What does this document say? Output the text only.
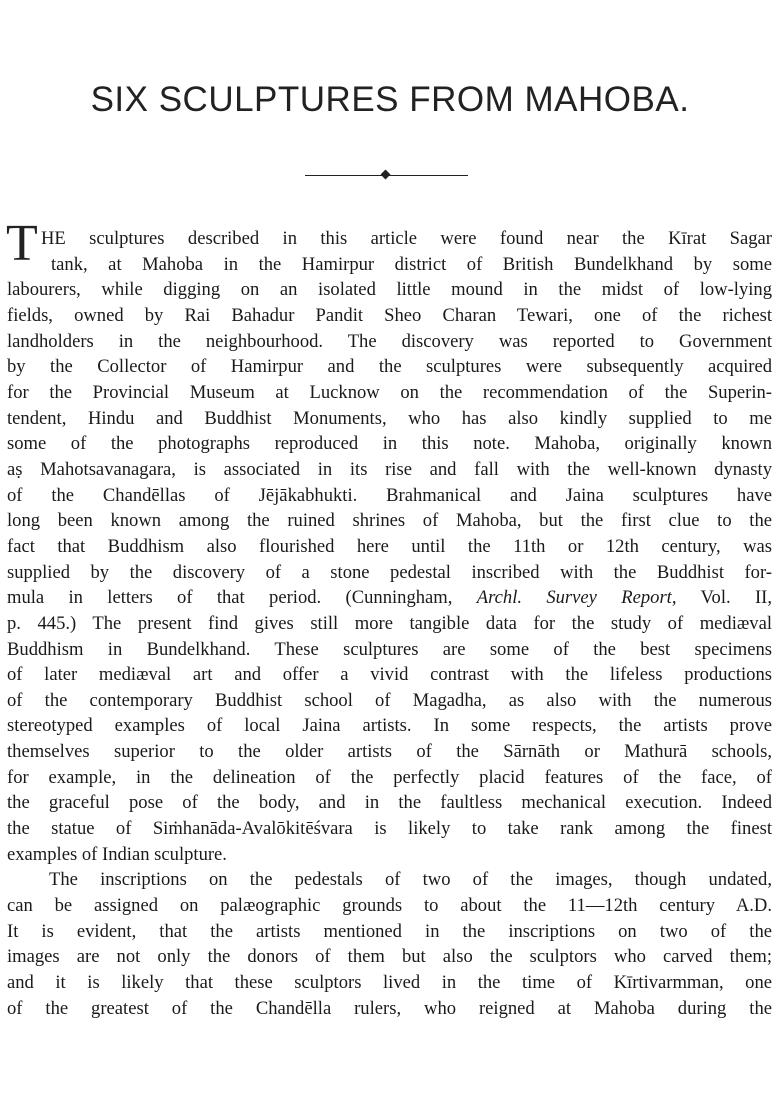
SIX SCULPTURES FROM MAHOBA.
T HE sculptures described in this article were found near the Kīrat Sagar
tank, at Mahoba in the Hamirpur district of British Bundelkhand by some
labourers, while digging on an isolated little mound in the midst of low-lying
fields, owned by Rai Bahadur Pandit Sheo Charan Tewari, one of the richest
landholders in the neighbourhood. The discovery was reported to Government
by the Collector of Hamirpur and the sculptures were subsequently acquired
for the Provincial Museum at Lucknow on the recommendation of the Superin-
tendent, Hindu and Buddhist Monuments, who has also kindly supplied to me
some of the photographs reproduced in this note. Mahoba, originally known
aṣ Mahotsavanagara, is associated in its rise and fall with the well-known dynasty
of the Chandēllas of Jējākabhukti. Brahmanical and Jaina sculptures have
long been known among the ruined shrines of Mahoba, but the first clue to the
fact that Buddhism also flourished here until the 11th or 12th century, was
supplied by the discovery of a stone pedestal inscribed with the Buddhist for-
mula in letters of that period. (Cunningham, Archl. Survey Report, Vol. II,
p. 445.) The present find gives still more tangible data for the study of mediæval
Buddhism in Bundelkhand. These sculptures are some of the best specimens
of later mediæval art and offer a vivid contrast with the lifeless productions
of the contemporary Buddhist school of Magadha, as also with the numerous
stereotyped examples of local Jaina artists. In some respects, the artists prove
themselves superior to the older artists of the Sārnāth or Mathurā schools,
for example, in the delineation of the perfectly placid features of the face, of
the graceful pose of the body, and in the faultless mechanical execution. Indeed
the statue of Siṁhanāda-Avalōkitēśvara is likely to take rank among the finest
examples of Indian sculpture.
The inscriptions on the pedestals of two of the images, though undated,
can be assigned on palæographic grounds to about the 11—12th century A.D.
It is evident, that the artists mentioned in the inscriptions on two of the
images are not only the donors of them but also the sculptors who carved them;
and it is likely that these sculptors lived in the time of Kīrtivarmman, one
of the greatest of the Chandēlla rulers, who reigned at Mahoba during the
